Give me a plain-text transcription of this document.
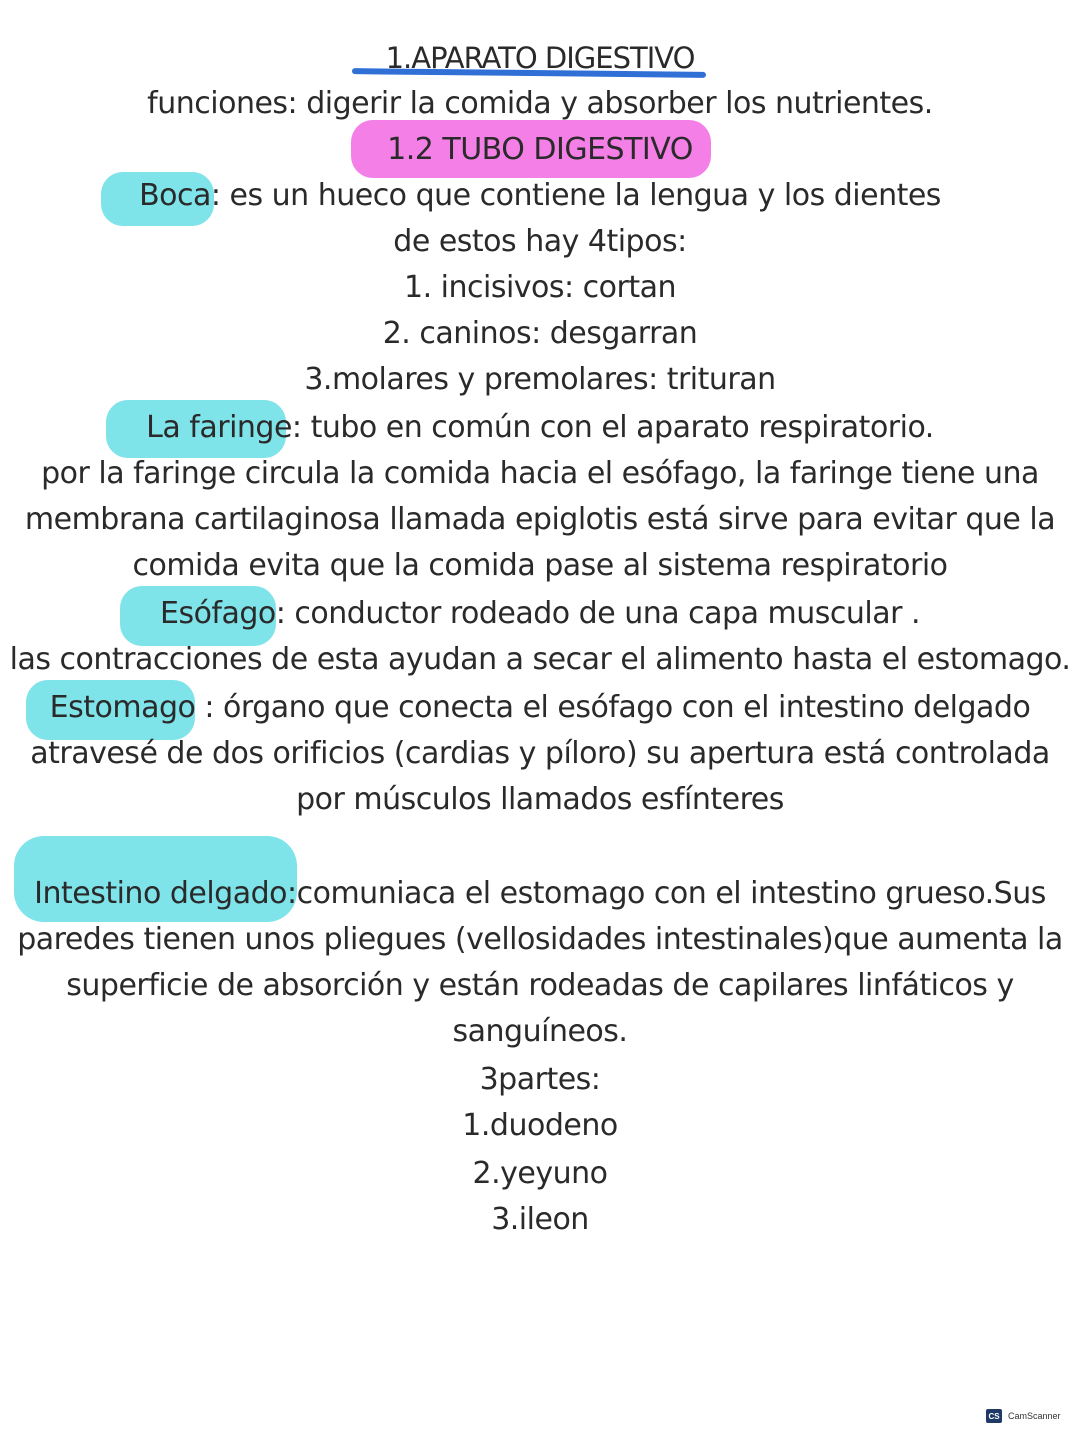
1.APARATO DIGESTIVO
funciones: digerir la comida y absorber los nutrientes.
1.2 TUBO DIGESTIVO
Boca: es un hueco que contiene la lengua y los dientes
de estos hay 4tipos:
1. incisivos: cortan
2. caninos: desgarran
3.molares y premolares: trituran
La faringe: tubo en común con el aparato respiratorio.
por la faringe circula la comida hacia el esófago, la faringe tiene una
membrana cartilaginosa llamada epiglotis está sirve para evitar que la
comida evita que la comida pase al sistema respiratorio
Esófago: conductor rodeado de una capa muscular .
las contracciones de esta ayudan a secar el alimento hasta el estomago.
Estomago : órgano que conecta el esófago con el intestino delgado
atravesé de dos orificios (cardias y píloro) su apertura está controlada
por músculos llamados esfínteres
Intestino delgado:comuniaca el estomago con el intestino grueso.Sus
paredes tienen unos pliegues (vellosidades intestinales)que aumenta la
superficie de absorción y están rodeadas de capilares linfáticos y
sanguíneos.
3partes:
1.duodeno
2.yeyuno
3.ileon
CS CamScanner
